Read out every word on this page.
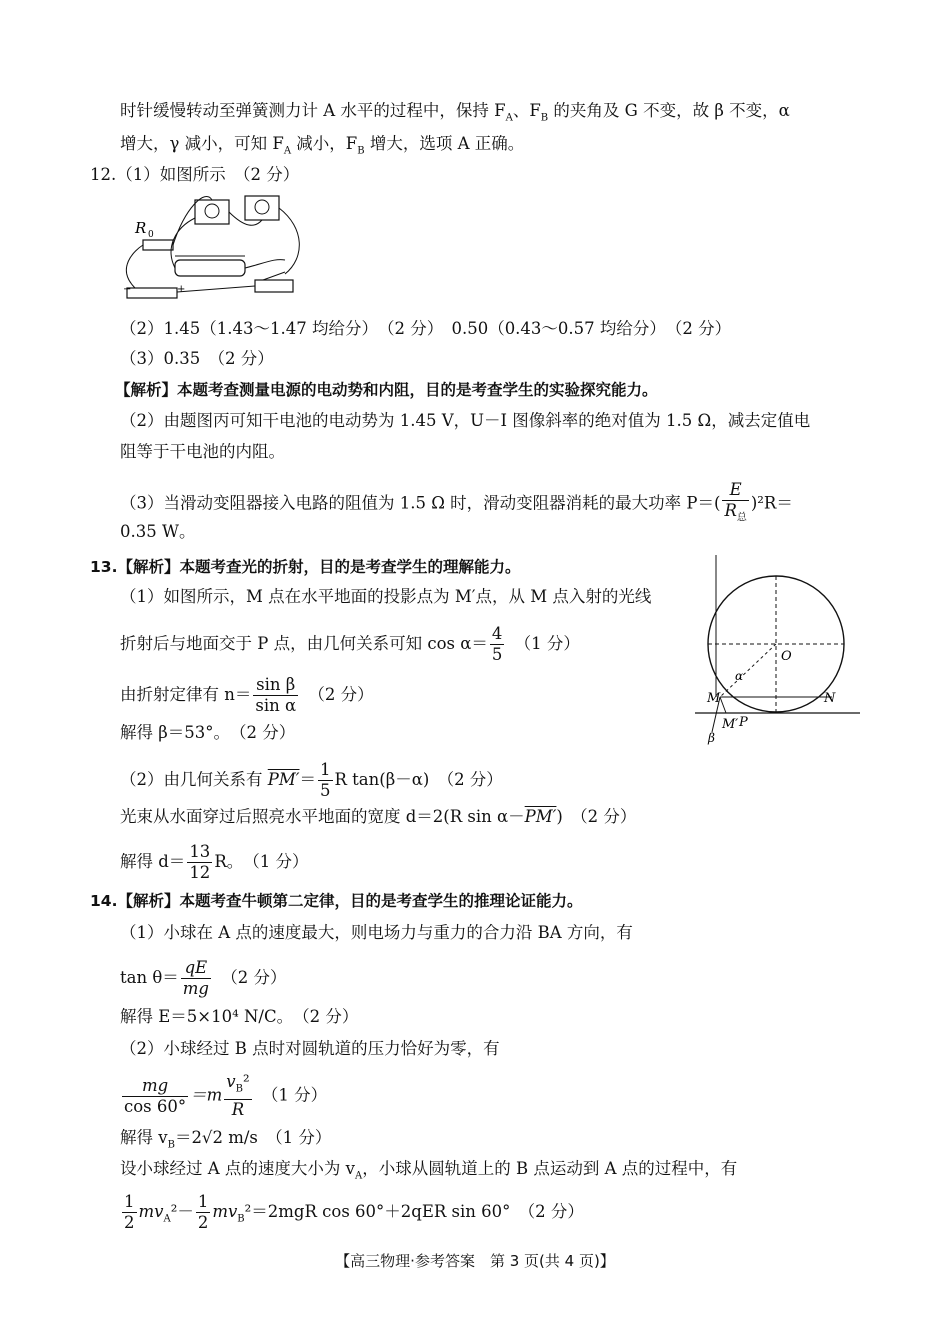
时针缓慢转动至弹簧测力计 A 水平的过程中，保持 $F_A$、$F_B$ 的夹角及 G 不变，故 β 不变，α
增大，γ 减小，可知 $F_A$ 减小，$F_B$ 增大，选项 A 正确。
12.（1）如图所示　（2 分）
R 0
−	+
（2）1.45（1.43～1.47 均给分）　（2 分）　0.50（0.43～0.57 均给分）　（2 分）
（3）0.35　（2 分）
【解析】本题考查测量电源的电动势和内阻，目的是考查学生的实验探究能力。
（2）由题图丙可知干电池的电动势为 1.45 V，U－I 图像斜率的绝对值为 1.5 Ω，减去定值电
阻等于干电池的内阻。
（3）当滑动变阻器接入电路的阻值为 1.5 Ω 时，滑动变阻器消耗的最大功率 $P=( \frac{E}{R_总} )^2R=$
0.35 W。
13.【解析】本题考查光的折射，目的是考查学生的理解能力。
（1）如图所示，M 点在水平地面的投影点为 M′点，从 M 点入射的光线
折射后与地面交于 P 点，由几何关系可知 $\cos \alpha= \frac{4}{5}$ 　（1 分）
由折射定律有 $n= \frac{\text{sin β}}{\text{sin α}}$ 　（2 分）
解得 β＝53°。　（2 分）
（2）由几何关系有 $PM'= \frac{1}{5}$ R tan(β－α)　（2 分）
光束从水面穿过后照亮水平地面的宽度 d＝2(R sin α－PM′)　（2 分）
解得 $d= \frac{13}{12}$ R。　（1 分）
O
M	N
M′ P
α
β
14.【解析】本题考查牛顿第二定律，目的是考查学生的推理论证能力。
（1）小球在 A 点的速度最大，则电场力与重力的合力沿 BA 方向，有
$\tan \theta= \frac{qE}{mg}$ 　（2 分）
解得 E＝5×10⁴ N/C。　（2 分）
（2）小球经过 B 点时对圆轨道的压力恰好为零，有
$\frac{mg}{\cos 60^\circ} =m \frac{v_B^2}{R}$ 　（1 分）
解得 $v_B=2√2$ m/s　（1 分）
设小球经过 A 点的速度大小为 $v_A$，小球从圆轨道上的 B 点运动到 A 点的过程中，有
$\frac{1}{2} mv_A^2- \frac{1}{2} mv_B^2=2mgR$ cos 60°＋2qER sin 60°　（2 分）
【高三物理·参考答案　第 3 页(共 4 页)】
